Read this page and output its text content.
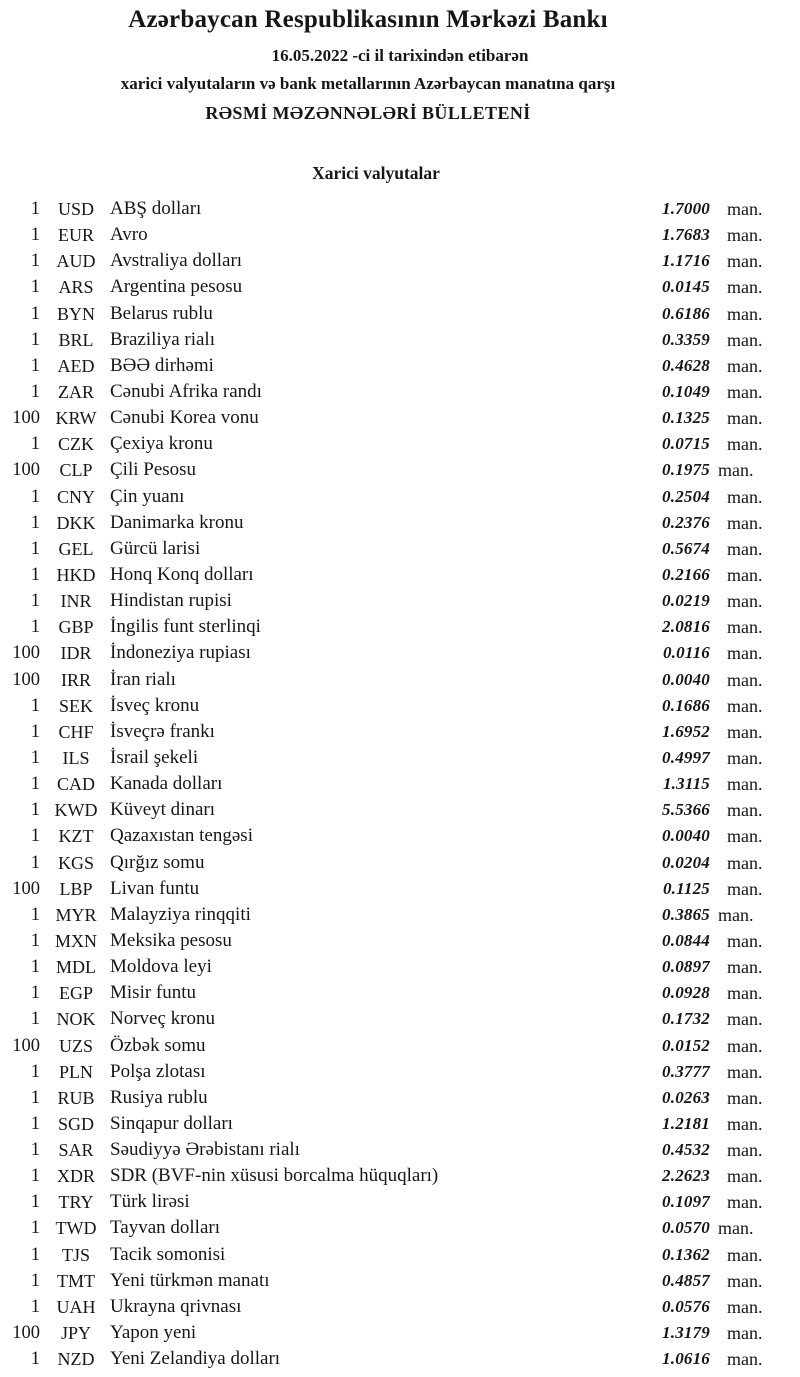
Azərbaycan Respublikasının Mərkəzi Bankı
16.05.2022 -ci il tarixindən etibarən
xarici valyutaların və bank metallarının Azərbaycan manatına qarşı
RƏSMİ MƏZƏNNƏLƏRİ BÜLLETENİ
Xarici valyutalar
1 USD ABŞ dolları	1.7000 man.
1	EUR Avro	1.7683 man.
1 AUD Avstraliya dolları	1.1716 man.
1	ARS Argentina pesosu	0.0145 man.
1 BYN Belarus rublu	0.6186 man.
1	BRL Braziliya rialı	0.3359 man.
1 AED BƏƏ dirhəmi	0.4628 man.
1	ZAR Cənubi Afrika randı	0.1049 man.
100 KRW Cənubi Korea vonu	0.1325 man.
1	CZK Çexiya kronu	0.0715 man.
100	CLP Çili Pesosu	0.1975 man.
1 CNY Çin yuanı	0.2504 man.
1 DKK Danimarka kronu	0.2376 man.
1	GEL Gürcü larisi	0.5674 man.
1 HKD Honq Konq dolları	0.2166 man.
1	INR Hindistan rupisi	0.0219 man.
1	GBP İngilis funt sterlinqi	2.0816 man.
100	IDR İndoneziya rupiası	0.0116 man.
100	IRR	İran rialı	0.0040 man.
1	SEK İsveç kronu	0.1686 man.
1	CHF İsveçrə frankı	1.6952 man.
1	ILS	İsrail şekeli	0.4997 man.
1 CAD Kanada dolları	1.3115 man.
1 KWD Küveyt dinarı	5.5366 man.
1	KZT Qazaxıstan tengəsi	0.0040 man.
1 KGS Qırğız somu	0.0204 man.
100	LBP Livan funtu	0.1125 man.
1 MYR Malayziya rinqqiti	0.3865 man.
1 MXN Meksika pesosu	0.0844 man.
1 MDL Moldova leyi	0.0897 man.
1	EGP Misir funtu	0.0928 man.
1 NOK Norveç kronu	0.1732 man.
100	UZS Özbək somu	0.0152 man.
1	PLN Polşa zlotası	0.3777 man.
1 RUB Rusiya rublu	0.0263 man.
1 SGD Sinqapur dolları	1.2181 man.
1	SAR Səudiyyə Ərəbistanı rialı	0.4532 man.
1 XDR SDR (BVF-nin xüsusi borcalma hüquqları)	2.2623 man.
1	TRY Türk lirəsi	0.1097 man.
1 TWD Tayvan dolları	0.0570 man.
1	TJS	Tacik somonisi	0.1362 man.
1 TMT Yeni türkmən manatı	0.4857 man.
1 UAH Ukrayna qrivnası	0.0576 man.
100	JPY	Yapon yeni	1.3179 man.
1 NZD Yeni Zelandiya dolları	1.0616 man.
